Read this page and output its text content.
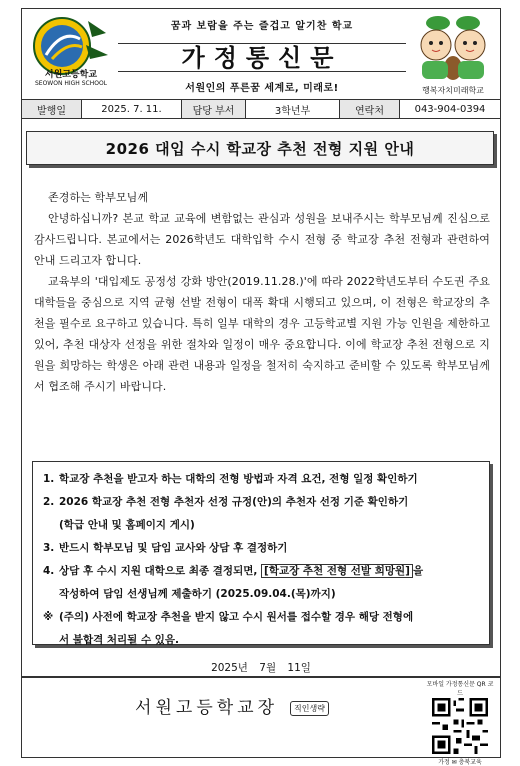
서원고등학교
SEOWON HIGH SCHOOL
꿈과 보람을 주는 즐겁고 알기찬 학교
가정통신문
서원인의 푸른꿈 세계로, 미래로!	행복자치미래학교
발행일	2025. 7. 11.	담당 부서	3학년부	연락처	043-904-0394
2026 대입 수시 학교장 추천 전형 지원 안내

존경하는 학부모님께

안녕하십니까? 본교 학교 교육에 변함없는 관심과 성원을 보내주시는 학부모님께 진심으로 감사드립니다. 본교에서는 2026학년도 대학입학 수시 전형 중 학교장 추천 전형과 관련하여 안내 드리고자 합니다.

교육부의 '대입제도 공정성 강화 방안(2019.11.28.)'에 따라 2022학년도부터 수도권 주요 대학들을 중심으로 지역 균형 선발 전형이 대폭 확대 시행되고 있으며, 이 전형은 학교장의 추천을 필수로 요구하고 있습니다. 특히 일부 대학의 경우 고등학교별 지원 가능 인원을 제한하고 있어, 추천 대상자 선정을 위한 절차와 일정이 매우 중요합니다. 이에 학교장 추천 전형으로 지원을 희망하는 학생은 아래 관련 내용과 일정을 철저히 숙지하고 준비할 수 있도록 학부모님께서 협조해 주시기 바랍니다.

1. 학교장 추천을 받고자 하는 대학의 전형 방법과 자격 요건, 전형 일정 확인하기
2. 2026 학교장 추천 전형 추천자 선정 규정(안)의 추천자 선정 기준 확인하기
(학급 안내 및 홈페이지 게시)
3. 반드시 학부모님 및 담임 교사와 상담 후 결정하기
4. 상담 후 수시 지원 대학으로 최종 결정되면, [학교장 추천 전형 선발 희망원] 을
작성하여 담임 선생님께 제출하기 (2025.09.04.(목)까지)
※ (주의) 사전에 학교장 추천을 받지 않고 수시 원서를 접수할 경우 해당 전형에
서 불합격 처리될 수 있음.
2025년 7월 11일
서원고등학교장 직인생략
모바일 가정통신문 QR 코드
가정 ✉ 충북교육
